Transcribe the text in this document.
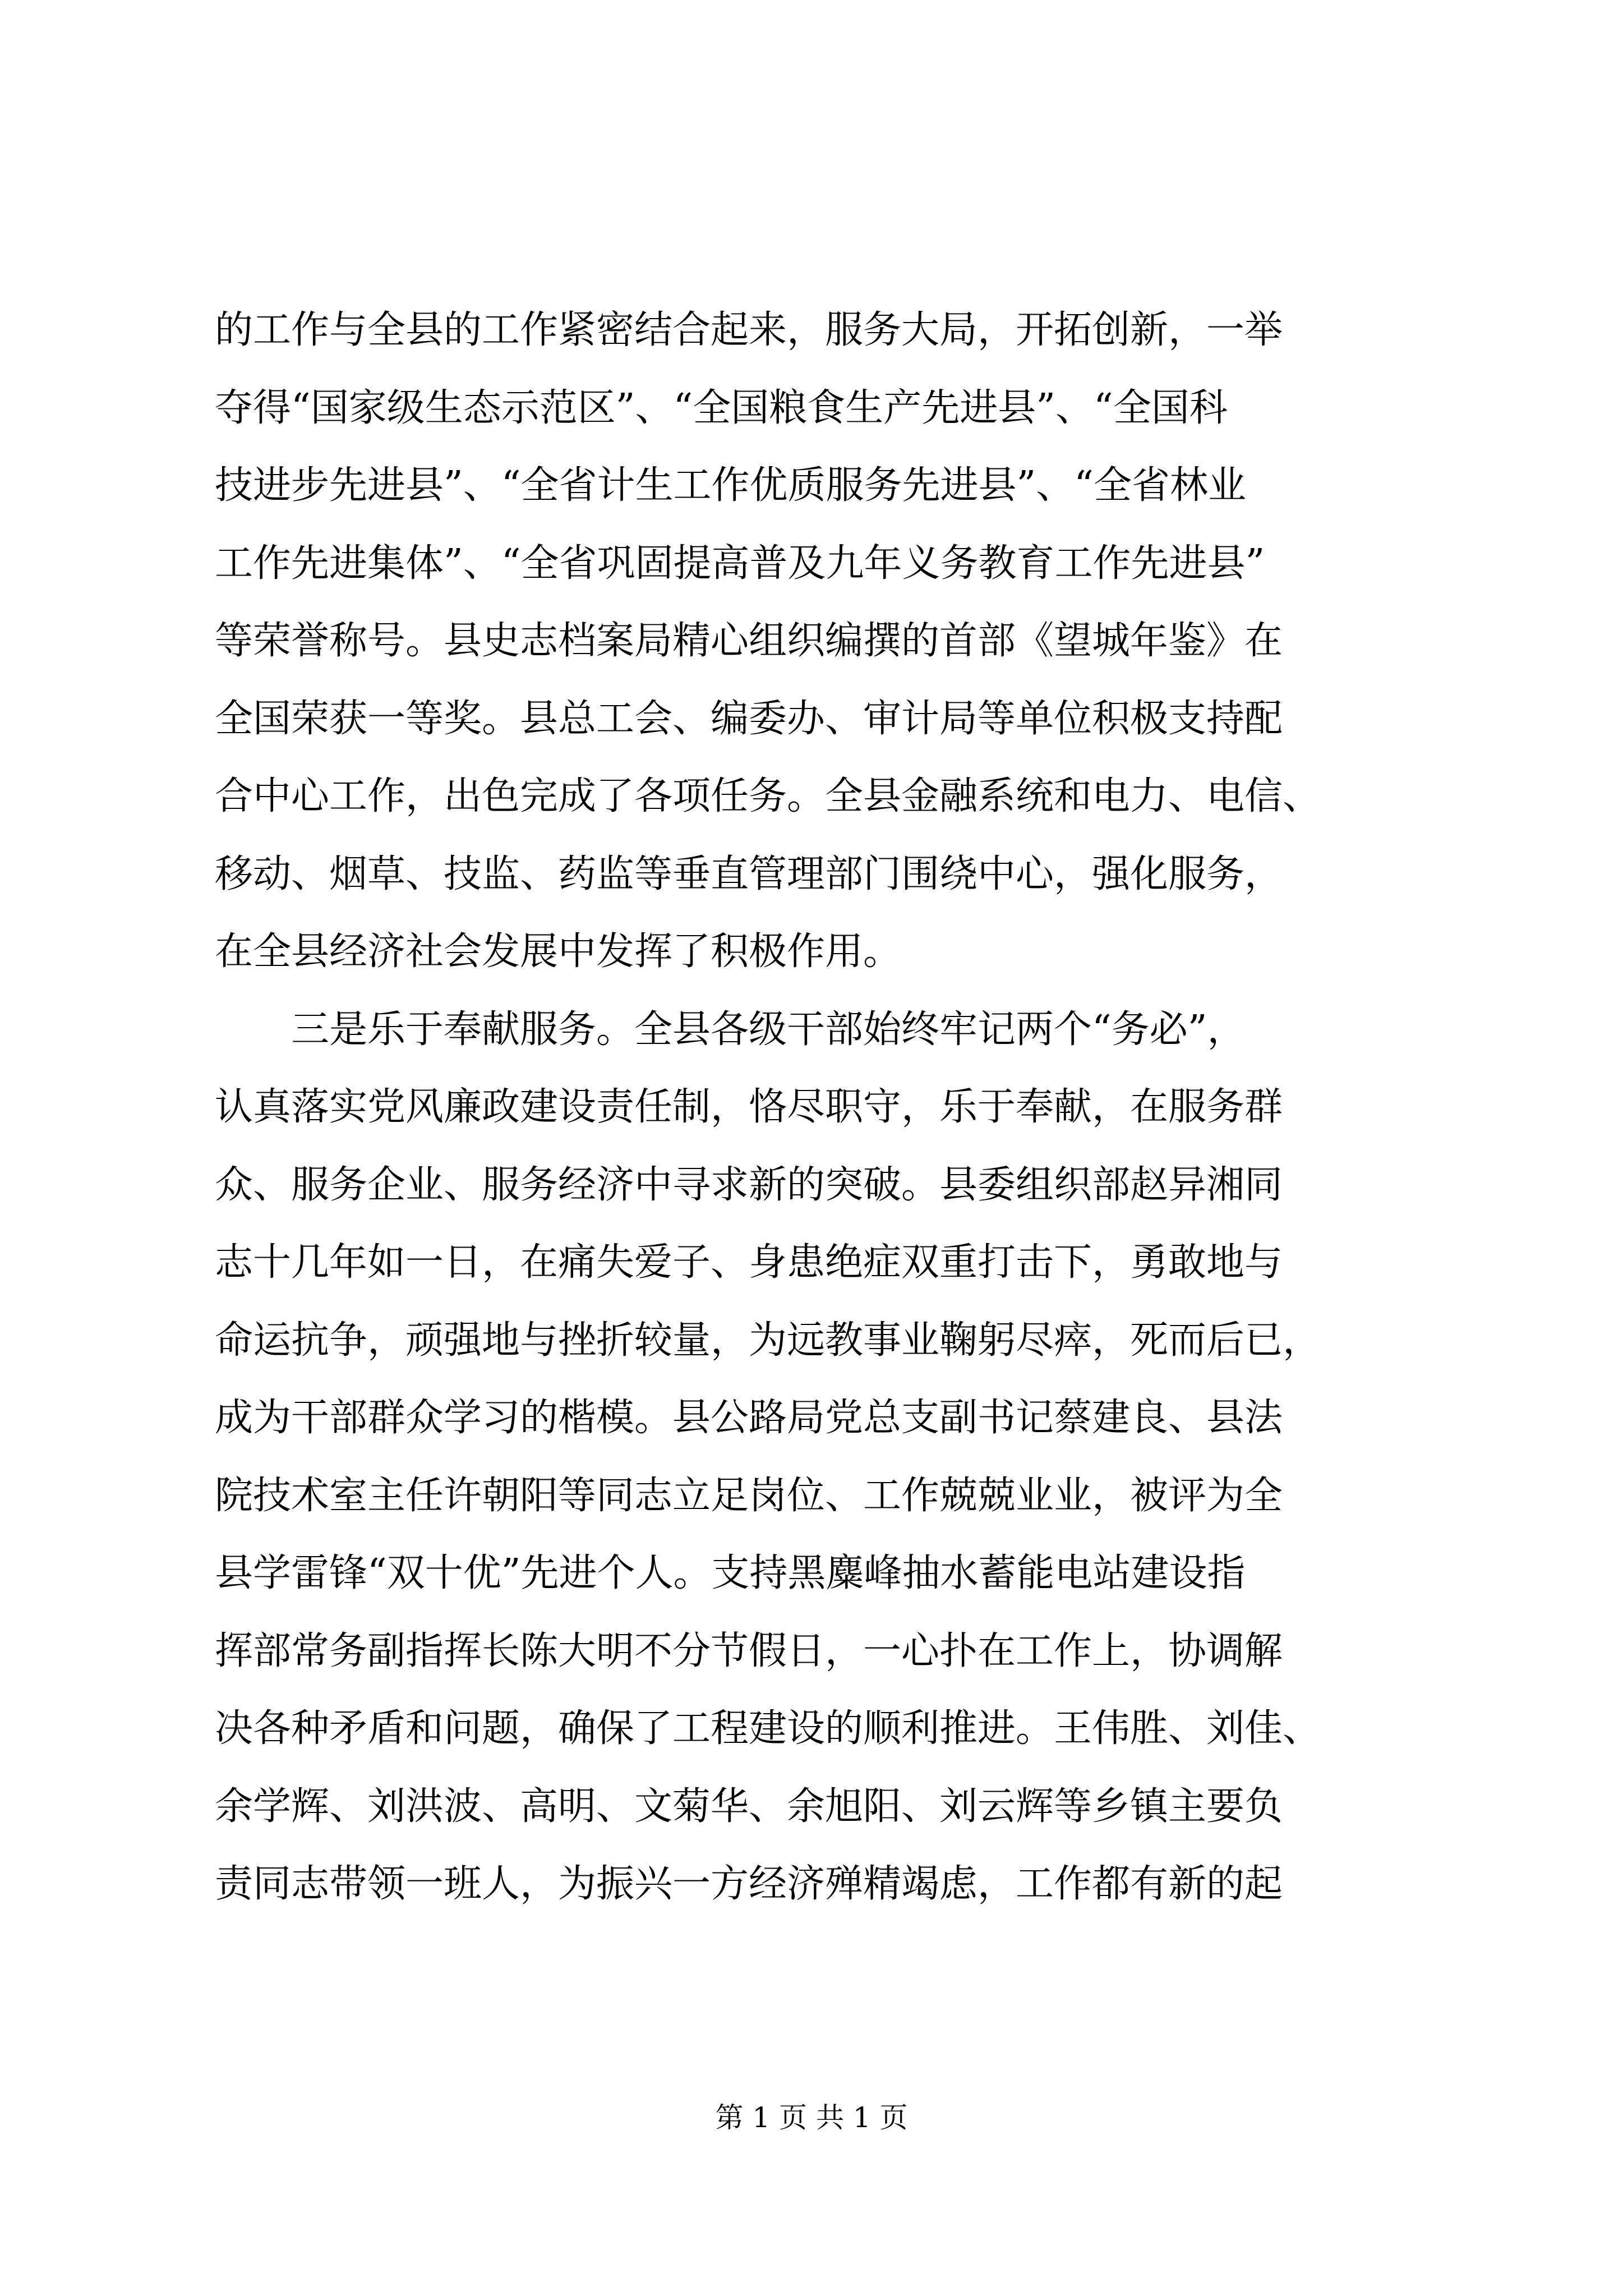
的工作与全县的工作紧密结合起来，服务大局，开拓创新，一举
夺得“国家级生态示范区”、“全国粮食生产先进县”、“全国科
技进步先进县”、“全省计生工作优质服务先进县”、“全省林业
工作先进集体”、“全省巩固提高普及九年义务教育工作先进县”
等荣誉称号。县史志档案局精心组织编撰的首部《望城年鉴》在
全国荣获一等奖。县总工会、编委办、审计局等单位积极支持配
合中心工作，出色完成了各项任务。全县金融系统和电力、电信、
移动、烟草、技监、药监等垂直管理部门围绕中心，强化服务，
在全县经济社会发展中发挥了积极作用。

　　三是乐于奉献服务。全县各级干部始终牢记两个“务必”，
认真落实党风廉政建设责任制，恪尽职守，乐于奉献，在服务群
众、服务企业、服务经济中寻求新的突破。县委组织部赵异湘同
志十几年如一日，在痛失爱子、身患绝症双重打击下，勇敢地与
命运抗争，顽强地与挫折较量，为远教事业鞠躬尽瘁，死而后已，
成为干部群众学习的楷模。县公路局党总支副书记蔡建良、县法
院技术室主任许朝阳等同志立足岗位、工作兢兢业业，被评为全
县学雷锋“双十优”先进个人。支持黑麋峰抽水蓄能电站建设指
挥部常务副指挥长陈大明不分节假日，一心扑在工作上，协调解
决各种矛盾和问题，确保了工程建设的顺利推进。王伟胜、刘佳、
余学辉、刘洪波、高明、文菊华、余旭阳、刘云辉等乡镇主要负
责同志带领一班人，为振兴一方经济殚精竭虑，工作都有新的起

第 1 页 共 1 页
